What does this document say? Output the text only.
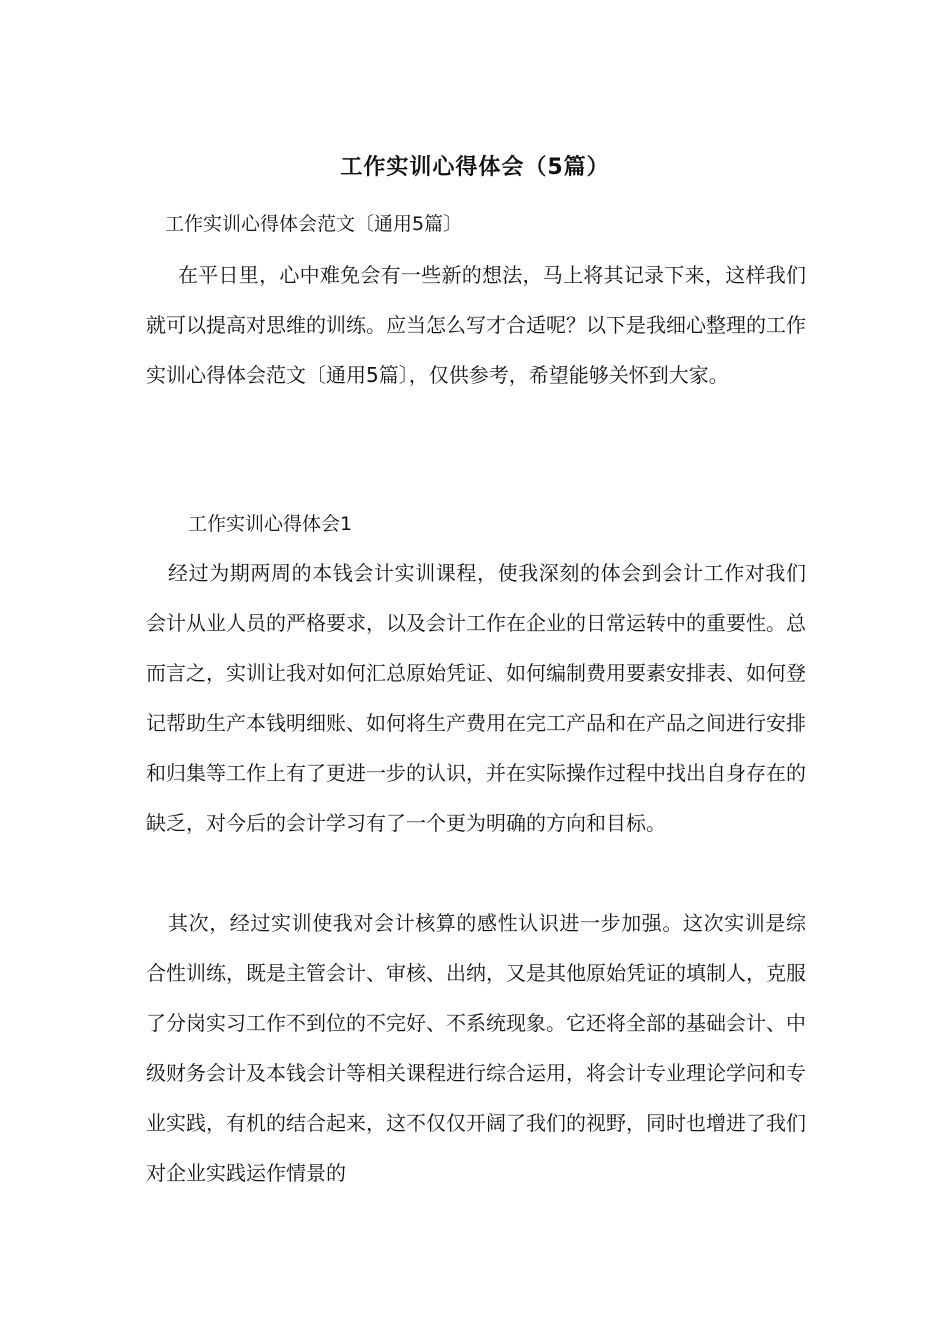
工作实训心得体会（5篇）
工作实训心得体会范文〔通用5篇〕

在平日里，心中难免会有一些新的想法，马上将其记录下来，这样我们就可以提高对思维的训练。应当怎么写才合适呢？以下是我细心整理的工作实训心得体会范文〔通用5篇〕，仅供参考，希望能够关怀到大家。

工作实训心得体会1

经过为期两周的本钱会计实训课程，使我深刻的体会到会计工作对我们会计从业人员的严格要求，以及会计工作在企业的日常运转中的重要性。总而言之，实训让我对如何汇总原始凭证、如何编制费用要素安排表、如何登记帮助生产本钱明细账、如何将生产费用在完工产品和在产品之间进行安排和归集等工作上有了更进一步的认识，并在实际操作过程中找出自身存在的缺乏，对今后的会计学习有了一个更为明确的方向和目标。

其次，经过实训使我对会计核算的感性认识进一步加强。这次实训是综合性训练，既是主管会计、审核、出纳，又是其他原始凭证的填制人，克服了分岗实习工作不到位的不完好、不系统现象。它还将全部的基础会计、中级财务会计及本钱会计等相关课程进行综合运用，将会计专业理论学问和专业实践，有机的结合起来，这不仅仅开阔了我们的视野，同时也增进了我们对企业实践运作情景的
